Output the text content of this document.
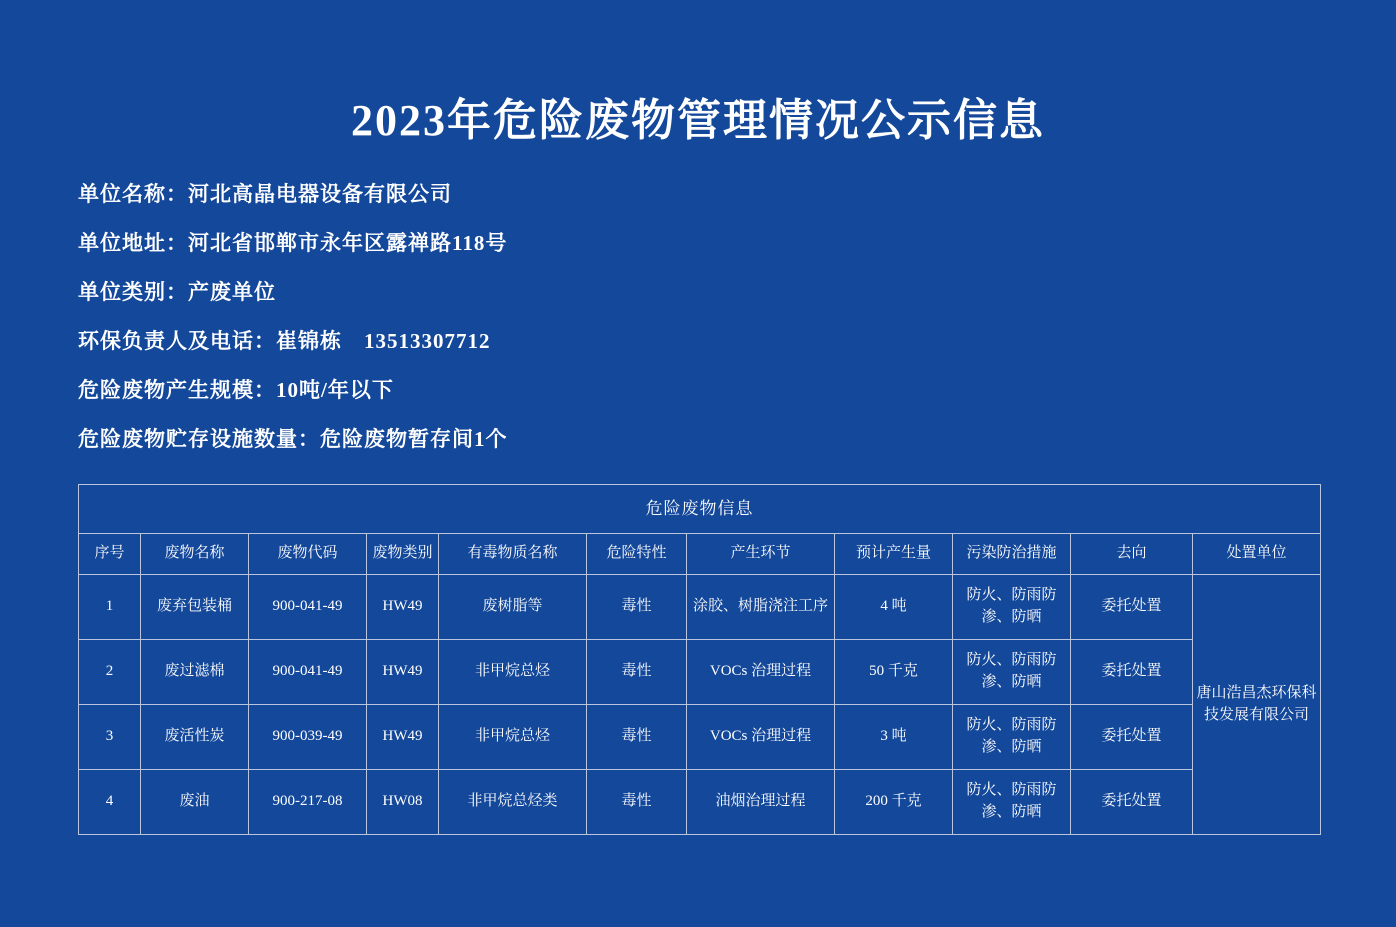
2023年危险废物管理情况公示信息
单位名称：河北高晶电器设备有限公司
单位地址：河北省邯郸市永年区露禅路118号
单位类别：产废单位
环保负责人及电话：崔锦栋　13513307712
危险废物产生规模：10吨/年以下
危险废物贮存设施数量：危险废物暂存间1个
危险废物信息										
序号	废物名称	废物代码	废物类别	有毒物质名称	危险特性	产生环节	预计产生量	污染防治措施	去向	处置单位
1	废弃包装桶	900-041-49	HW49	废树脂等	毒性	涂胶、树脂浇注工序	4 吨	防火、防雨防渗、防晒	委托处置	唐山浩昌杰环保科技发展有限公司
2	废过滤棉	900-041-49	HW49	非甲烷总烃	毒性	VOCs 治理过程	50 千克	防火、防雨防渗、防晒	委托处置	
3	废活性炭	900-039-49	HW49	非甲烷总烃	毒性	VOCs 治理过程	3 吨	防火、防雨防渗、防晒	委托处置	
4	废油	900-217-08	HW08	非甲烷总烃类	毒性	油烟治理过程	200 千克	防火、防雨防渗、防晒	委托处置	
